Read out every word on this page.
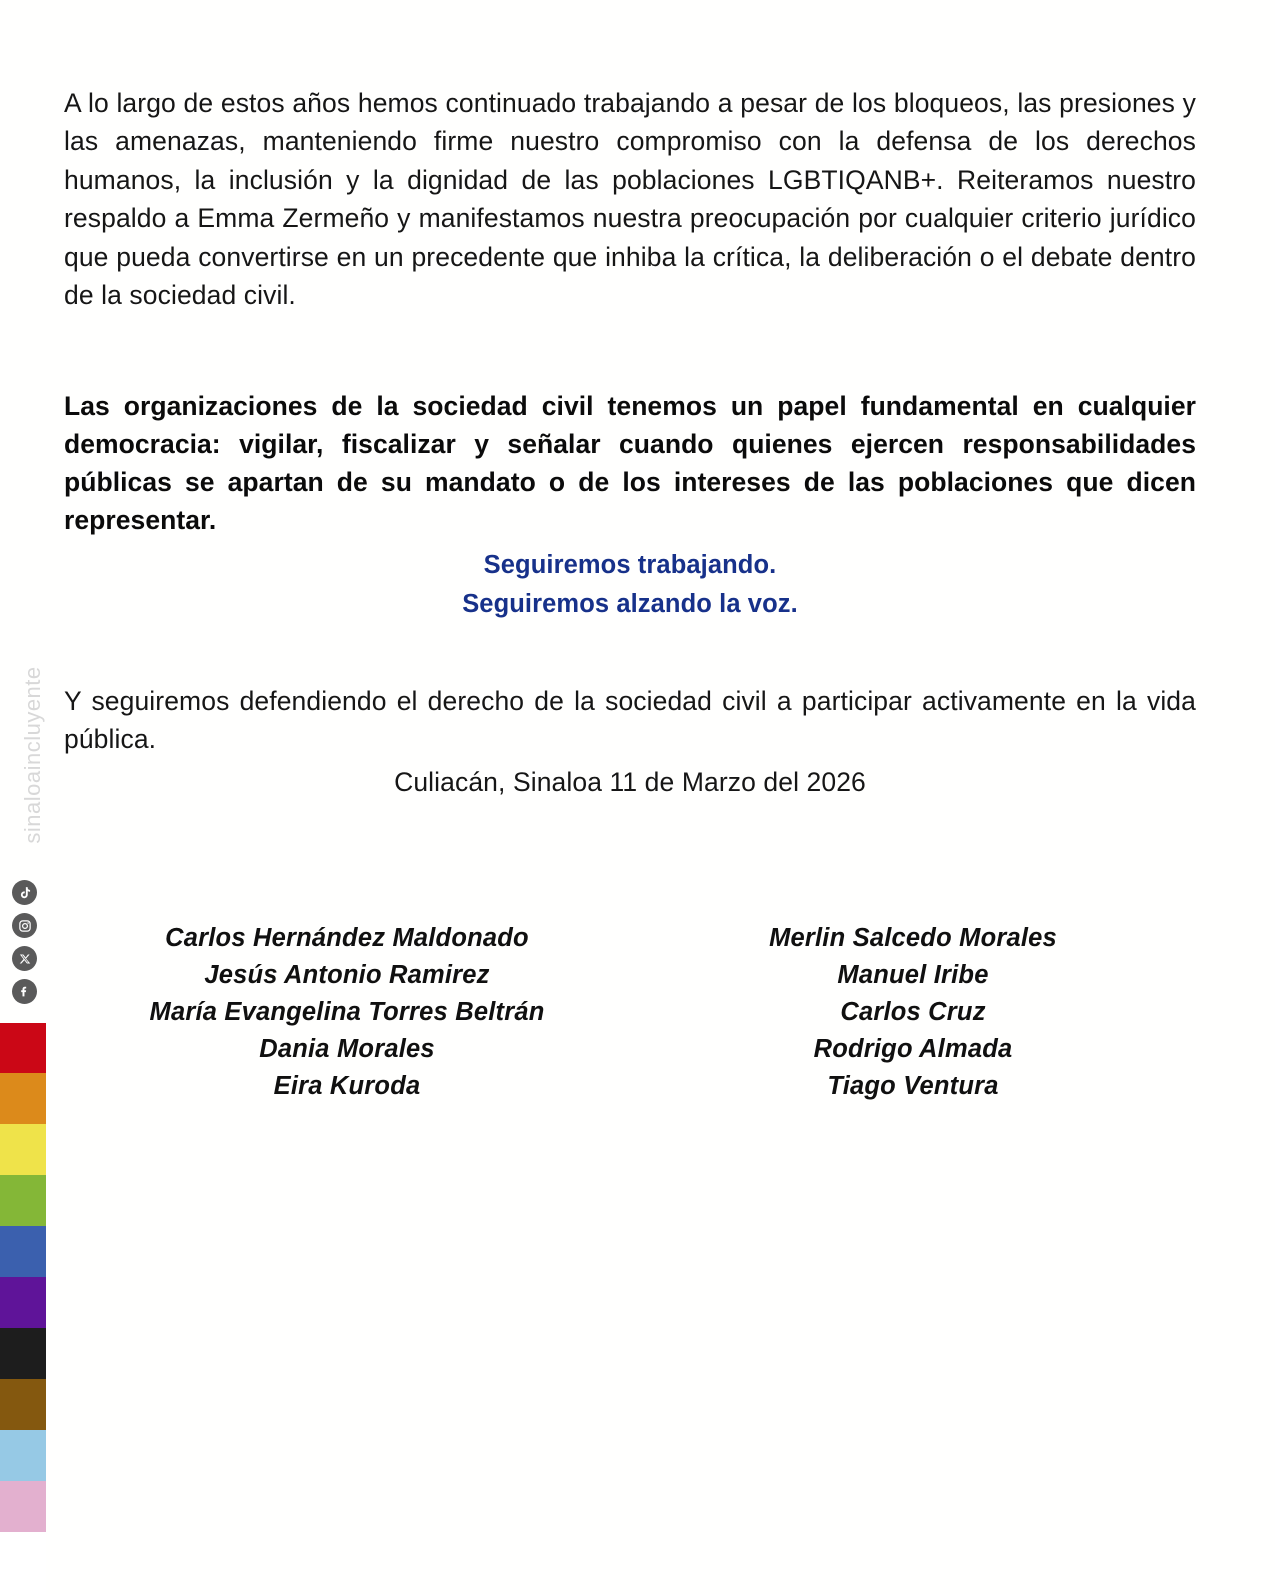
sinaloaincluyente

A lo largo de estos años hemos continuado trabajando a pesar de los bloqueos, las presiones y las amenazas, manteniendo firme nuestro compromiso con la defensa de los derechos humanos, la inclusión y la dignidad de las poblaciones LGBTIQANB+. Reiteramos nuestro respaldo a Emma Zermeño y manifestamos nuestra preocupación por cualquier criterio jurídico que pueda convertirse en un precedente que inhiba la crítica, la deliberación o el debate dentro de la sociedad civil.

Las organizaciones de la sociedad civil tenemos un papel fundamental en cualquier democracia: vigilar, fiscalizar y señalar cuando quienes ejercen responsabilidades públicas se apartan de su mandato o de los intereses de las poblaciones que dicen representar.

Seguiremos trabajando.
Seguiremos alzando la voz.

Y seguiremos defendiendo el derecho de la sociedad civil a participar activamente en la vida pública.

Culiacán, Sinaloa 11 de Marzo del 2026
Carlos Hernández Maldonado
Jesús Antonio Ramirez
María Evangelina Torres Beltrán
Dania Morales
Eira Kuroda
Merlin Salcedo Morales
Manuel Iribe
Carlos Cruz
Rodrigo Almada
Tiago Ventura
